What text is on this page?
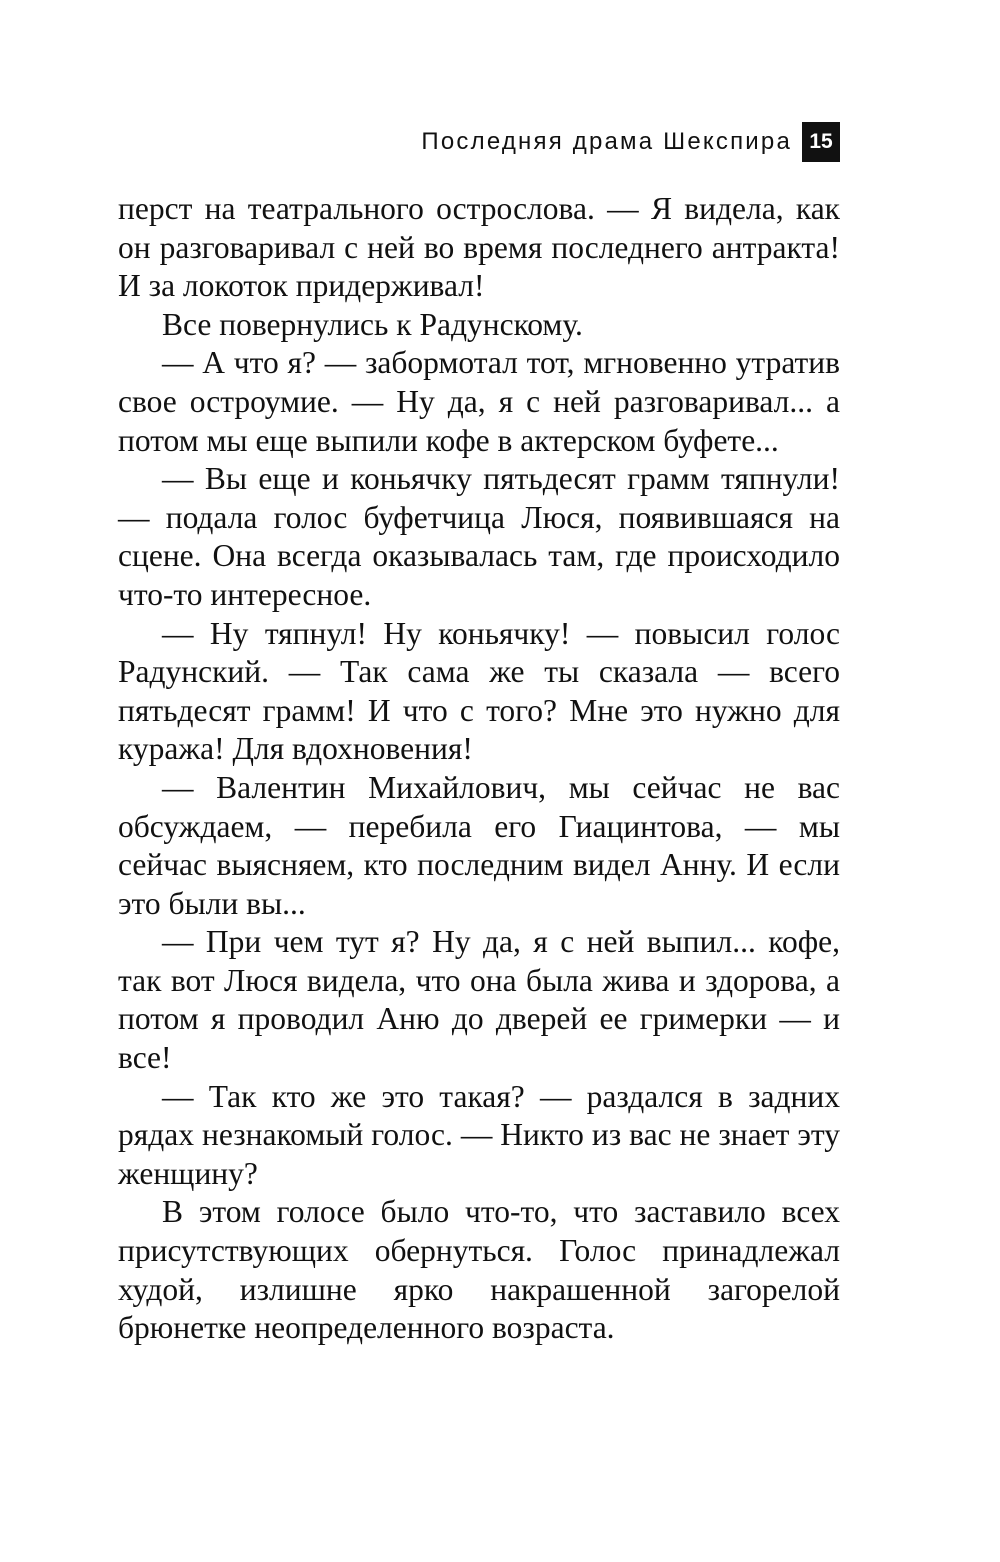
Последняя драма Шекспира 15

перст на театрального острослова. — Я видела, как он разговаривал с ней во время последнего антракта! И за локоток придерживал!

Все повернулись к Радунскому.

— А что я? — забормотал тот, мгновенно утратив свое остроумие. — Ну да, я с ней разговаривал... а потом мы еще выпили кофе в актерском буфете...

— Вы еще и коньячку пятьдесят грамм тяпнули! — подала голос буфетчица Люся, появившаяся на сцене. Она всегда оказывалась там, где происходило что-то интересное.

— Ну тяпнул! Ну коньячку! — повысил голос Радунский. — Так сама же ты сказала — всего пятьдесят грамм! И что с того? Мне это нужно для куража! Для вдохновения!

— Валентин Михайлович, мы сейчас не вас обсуждаем, — перебила его Гиацинтова, — мы сейчас выясняем, кто последним видел Анну. И если это были вы...

— При чем тут я? Ну да, я с ней выпил... кофе, так вот Люся видела, что она была жива и здорова, а потом я проводил Аню до дверей ее гримерки — и все!

— Так кто же это такая? — раздался в задних рядах незнакомый голос. — Никто из вас не знает эту женщину?

В этом голосе было что-то, что заставило всех присутствующих обернуться. Голос принадлежал худой, излишне ярко накрашенной загорелой брюнетке неопределенного возраста.
